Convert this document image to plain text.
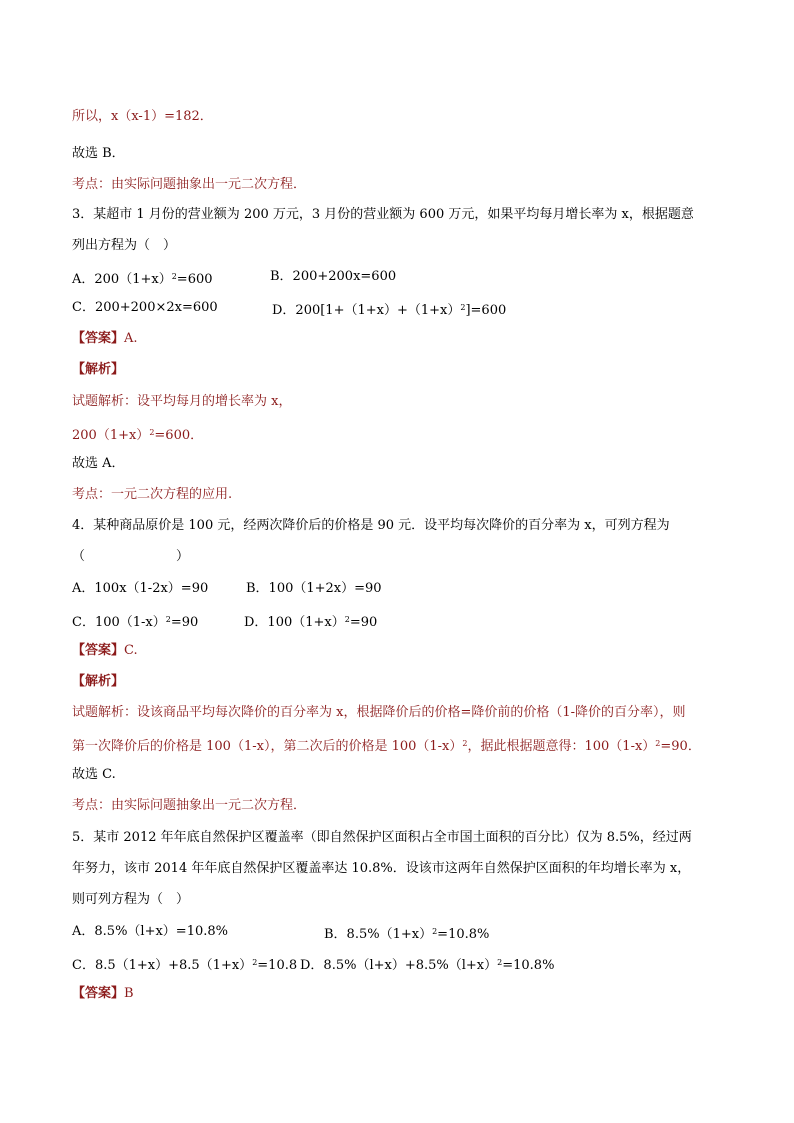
所以，x（x-1）=182．
故选 B．
考点：由实际问题抽象出一元二次方程．
3．某超市 1 月份的营业额为 200 万元，3 月份的营业额为 600 万元，如果平均每月增长率为 x，根据题意
列出方程为（　）
A．$200(1+x)^2=600$	B．200+200x=600
C．200+200×2x=600	D．$200[1+(1+x)+(1+x)^2]=600$
【答案】A.
【解析】
试题解析：设平均每月的增长率为 x，
$200(1+x)^2=600$．
故选 A．
考点：一元二次方程的应用.
4．某种商品原价是 100 元，经两次降价后的价格是 90 元．设平均每次降价的百分率为 x，可列方程为
（　　　　　　　）
A．100x（1-2x）=90	B．100（1+2x）=90
C．$100(1-x)^2=90$	D．$100(1+x)^2=90$
【答案】C.
【解析】
试题解析：设该商品平均每次降价的百分率为 x，根据降价后的价格=降价前的价格（1-降价的百分率），则
第一次降价后的价格是 100（1-x），第二次后的价格是 $100(1-x)^2$，据此根据题意得：$100(1-x)^2=90$．
故选 C.
考点：由实际问题抽象出一元二次方程．
5．某市 2012 年年底自然保护区覆盖率（即自然保护区面积占全市国土面积的百分比）仅为 8.5%，经过两
年努力，该市 2014 年年底自然保护区覆盖率达 10.8%．设该市这两年自然保护区面积的年均增长率为 x，
则可列方程为（　）
A．8.5%（l+x）=10.8%	B．$8.5\%(1+x)^2=10.8\%$
C．$8.5(1+x)+8.5(1+x)^2=10.8$ D．$8.5\%(l+x)+8.5\%(l+x)^2=10.8\%$
【答案】B
